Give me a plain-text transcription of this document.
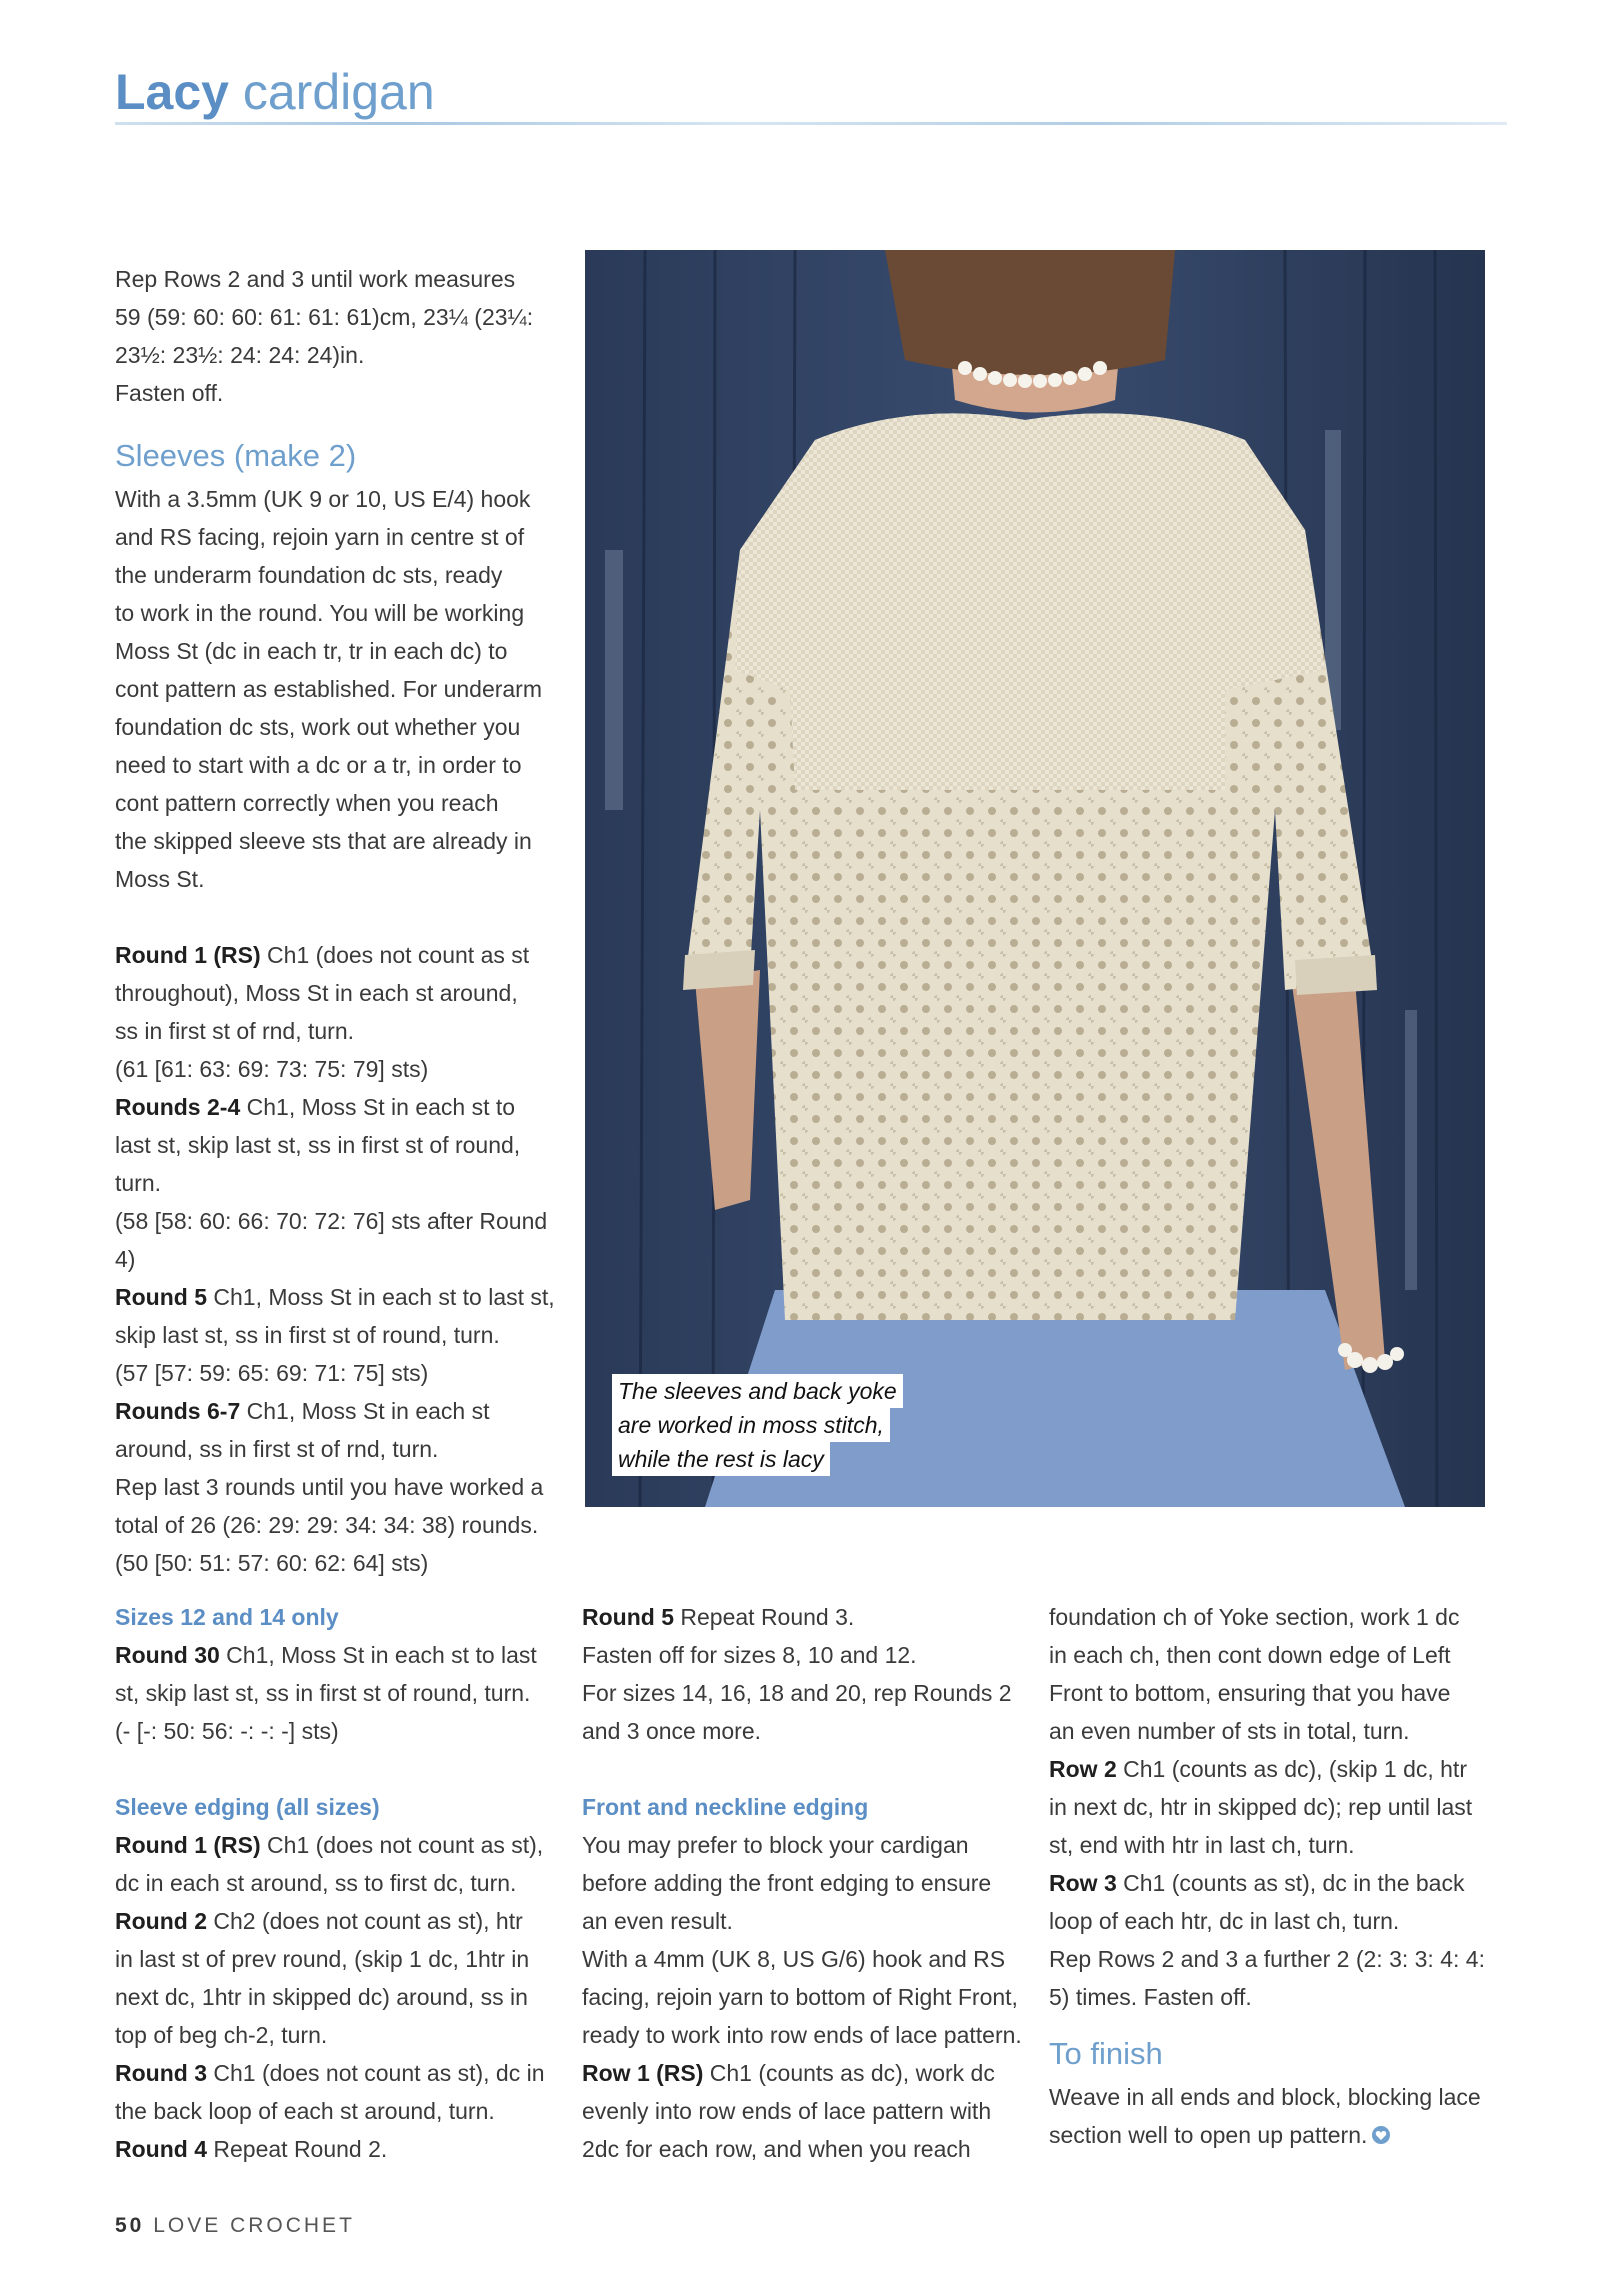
Lacy cardigan

Rep Rows 2 and 3 until work measures

59 (59: 60: 60: 61: 61: 61)cm, 23¼ (23¼:

23½: 23½: 24: 24: 24)in.

Fasten off.

Sleeves (make 2)

With a 3.5mm (UK 9 or 10, US E/4) hook

and RS facing, rejoin yarn in centre st of

the underarm foundation dc sts, ready

to work in the round. You will be working

Moss St (dc in each tr, tr in each dc) to

cont pattern as established. For underarm

foundation dc sts, work out whether you

need to start with a dc or a tr, in order to

cont pattern correctly when you reach

the skipped sleeve sts that are already in

Moss St.

Round 1 (RS) Ch1 (does not count as st

throughout), Moss St in each st around,

ss in first st of rnd, turn.

(61 [61: 63: 69: 73: 75: 79] sts)

Rounds 2-4 Ch1, Moss St in each st to

last st, skip last st, ss in first st of round,

turn.

(58 [58: 60: 66: 70: 72: 76] sts after Round 4)

Round 5 Ch1, Moss St in each st to last st,

skip last st, ss in first st of round, turn.

(57 [57: 59: 65: 69: 71: 75] sts)

Rounds 6-7 Ch1, Moss St in each st

around, ss in first st of rnd, turn.

Rep last 3 rounds until you have worked a

total of 26 (26: 29: 29: 34: 34: 38) rounds.

(50 [50: 51: 57: 60: 62: 64] sts)

The sleeves and back yoke
are worked in moss stitch,
while the rest is lacy

Sizes 12 and 14 only

Round 30 Ch1, Moss St in each st to last

st, skip last st, ss in first st of round, turn.

(- [-: 50: 56: -: -: -] sts)

Sleeve edging (all sizes)

Round 1 (RS) Ch1 (does not count as st),

dc in each st around, ss to first dc, turn.

Round 2 Ch2 (does not count as st), htr

in last st of prev round, (skip 1 dc, 1htr in

next dc, 1htr in skipped dc) around, ss in

top of beg ch-2, turn.

Round 3 Ch1 (does not count as st), dc in

the back loop of each st around, turn.

Round 4 Repeat Round 2.

Round 5 Repeat Round 3.

Fasten off for sizes 8, 10 and 12.

For sizes 14, 16, 18 and 20, rep Rounds 2

and 3 once more.

Front and neckline edging

You may prefer to block your cardigan

before adding the front edging to ensure

an even result.

With a 4mm (UK 8, US G/6) hook and RS

facing, rejoin yarn to bottom of Right Front,

ready to work into row ends of lace pattern.

Row 1 (RS) Ch1 (counts as dc), work dc

evenly into row ends of lace pattern with

2dc for each row, and when you reach

foundation ch of Yoke section, work 1 dc

in each ch, then cont down edge of Left

Front to bottom, ensuring that you have

an even number of sts in total, turn.

Row 2 Ch1 (counts as dc), (skip 1 dc, htr

in next dc, htr in skipped dc); rep until last

st, end with htr in last ch, turn.

Row 3 Ch1 (counts as st), dc in the back

loop of each htr, dc in last ch, turn.

Rep Rows 2 and 3 a further 2 (2: 3: 3: 4: 4:

5) times. Fasten off.

To finish

Weave in all ends and block, blocking lace

section well to open up pattern.

50 LOVE CROCHET
